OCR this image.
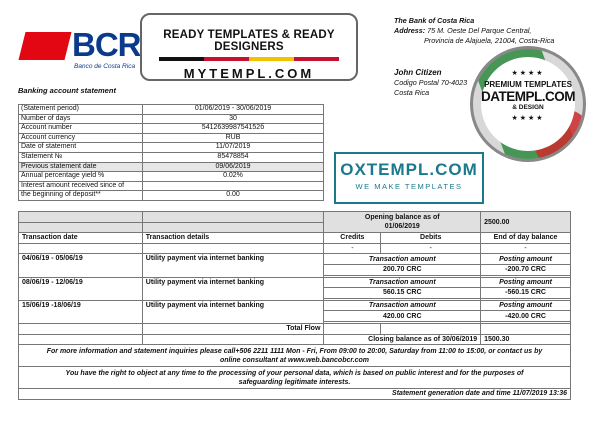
BCR
Banco de Costa Rica
READY TEMPLATES & READY DESIGNERS
MYTEMPL.COM
The Bank of Costa Rica
Address: 75 M. Oeste Del Parque Central,
Provincia de Alajuela, 21004, Costa-Rica
John Citizen
Codigo Postal 70-4023
Costa Rica
★★★★
PREMIUM TEMPLATES
DATEMPL.COM
& DESIGN
★★★★
Banking account statement
(Statement period)	01/06/2019 - 30/06/2019
Number of days	30
Account number	541263998754152б
Account currency	RUB
Date of statement	11/07/2019
Statement №	85478854
Previous statement date	09/06/2019
Annual percentage yield %	0.02%
Interest amount received since of	
the beginning of deposit**	0.00
OXTEMPL.COM
WE MAKE TEMPLATES

		Opening balance as of
01/06/2019		2500.00

Transaction date	Transaction details	Credits	Debits	End of day balance
		-	-	-
04/06/19 - 05/06/19	Utility payment via internet banking	Transaction amount		Posting amount
		200.70 CRC		-200.70 CRC

08/06/19 - 12/06/19	Utility payment via internet banking	Transaction amount		Posting amount
		560.15 CRC		-560.15 CRC

15/06/19 -18/06/19	Utility payment via internet banking	Transaction amount		Posting amount
		420.00 CRC		-420.00 CRC

	Total Flow			
		Closing balance as of 30/06/2019		1500.30

For more information and statement inquiries please call+506 2211 1111 Mon - Fri, From 09:00 to 20:00, Saturday from 11:00 to 15:00, or contact us by
online consultant at www.web.bancobcr.com				

You have the right to object at any time to the processing of your personal data, which is based on public interest and for the purposes of
safeguarding legitimate interests.				

Statement generation date and time 11/07/2019 13:36				
